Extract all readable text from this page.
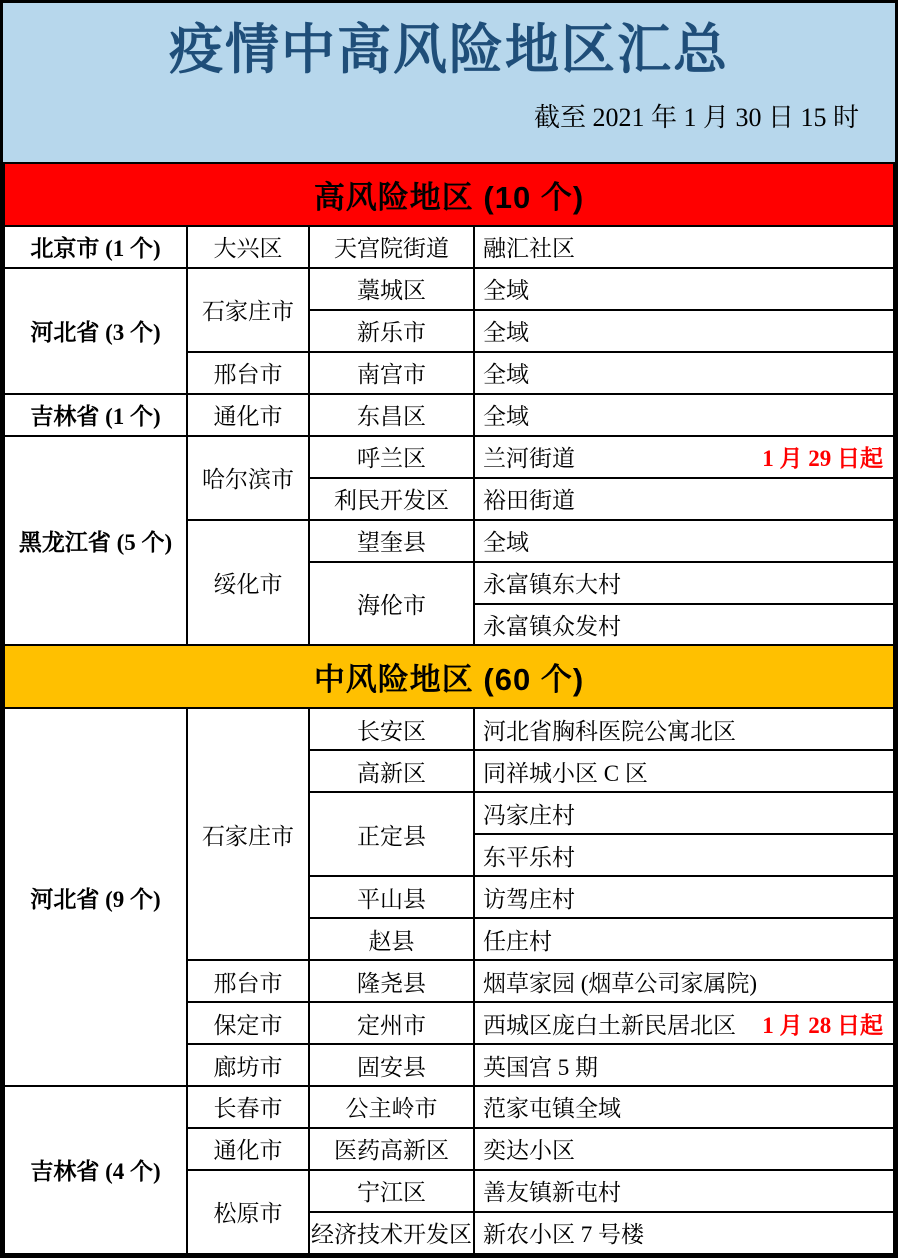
疫情中高风险地区汇总
截至 2021 年 1 月 30 日 15 时
高风险地区 (10 个)			
北京市 (1 个)	大兴区	天宫院街道	融汇社区
河北省 (3 个)	石家庄市	藁城区	全域
		新乐市	全域
	邢台市	南宫市	全域
吉林省 (1 个)	通化市	东昌区	全域
黑龙江省 (5 个)	哈尔滨市	呼兰区	兰河街道 1 月 29 日起

		利民开发区	裕田街道
	绥化市	望奎县	全域
		海伦市	永富镇东大村
			永富镇众发村
中风险地区 (60 个)			
河北省 (9 个)	石家庄市	长安区	河北省胸科医院公寓北区
		高新区	同祥城小区 C 区
		正定县	冯家庄村
			东平乐村
		平山县	访驾庄村
		赵县	任庄村
	邢台市	隆尧县	烟草家园 (烟草公司家属院)
	保定市	定州市	西城区庞白土新民居北区 1 月 28 日起

	廊坊市	固安县	英国宫 5 期
吉林省 (4 个)	长春市	公主岭市	范家屯镇全域
	通化市	医药高新区	奕达小区
	松原市	宁江区	善友镇新屯村
		经济技术开发区	新农小区 7 号楼
